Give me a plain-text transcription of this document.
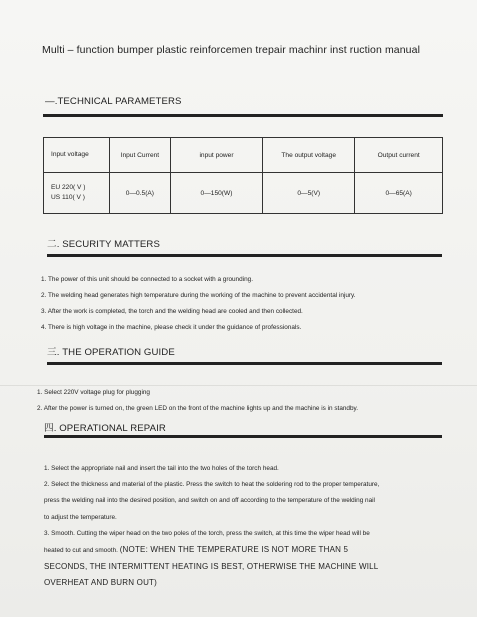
Multi – function bumper plastic reinforcemen trepair machinr inst ruction manual
—.TECHNICAL PARAMETERS
Input voltage	Input Current	input power	The output voltage	Output current

EU 220( V )
US 110( V )	0—0.5(A)	0—150(W)	0—5(V)	0—65(A)
二. SECURITY MATTERS
1. The power of this unit should be connected to a socket with a grounding.
2. The welding head generates high temperature during the working of the machine to prevent accidental injury.
3. After the work is completed, the torch and the welding head are cooled and then collected.
4. There is high voltage in the machine, please check it under the guidance of professionals.
三. THE OPERATION GUIDE
1. Select 220V voltage plug for plugging
2. After the power is turned on, the green LED on the front of the machine lights up and the machine is in standby.
四. OPERATIONAL REPAIR
1. Select the appropriate nail and insert the tail into the two holes of the torch head.
2. Select the thickness and material of the plastic. Press the switch to heat the soldering rod to the proper temperature,
press the welding nail into the desired position, and switch on and off according to the temperature of the welding nail
to adjust the temperature.
3. Smooth. Cutting the wiper head on the two poles of the torch, press the switch, at this time the wiper head will be
heated to cut and smooth. (NOTE: WHEN THE TEMPERATURE IS NOT MORE THAN 5
SECONDS, THE INTERMITTENT HEATING IS BEST, OTHERWISE THE MACHINE WILL
OVERHEAT AND BURN OUT)
